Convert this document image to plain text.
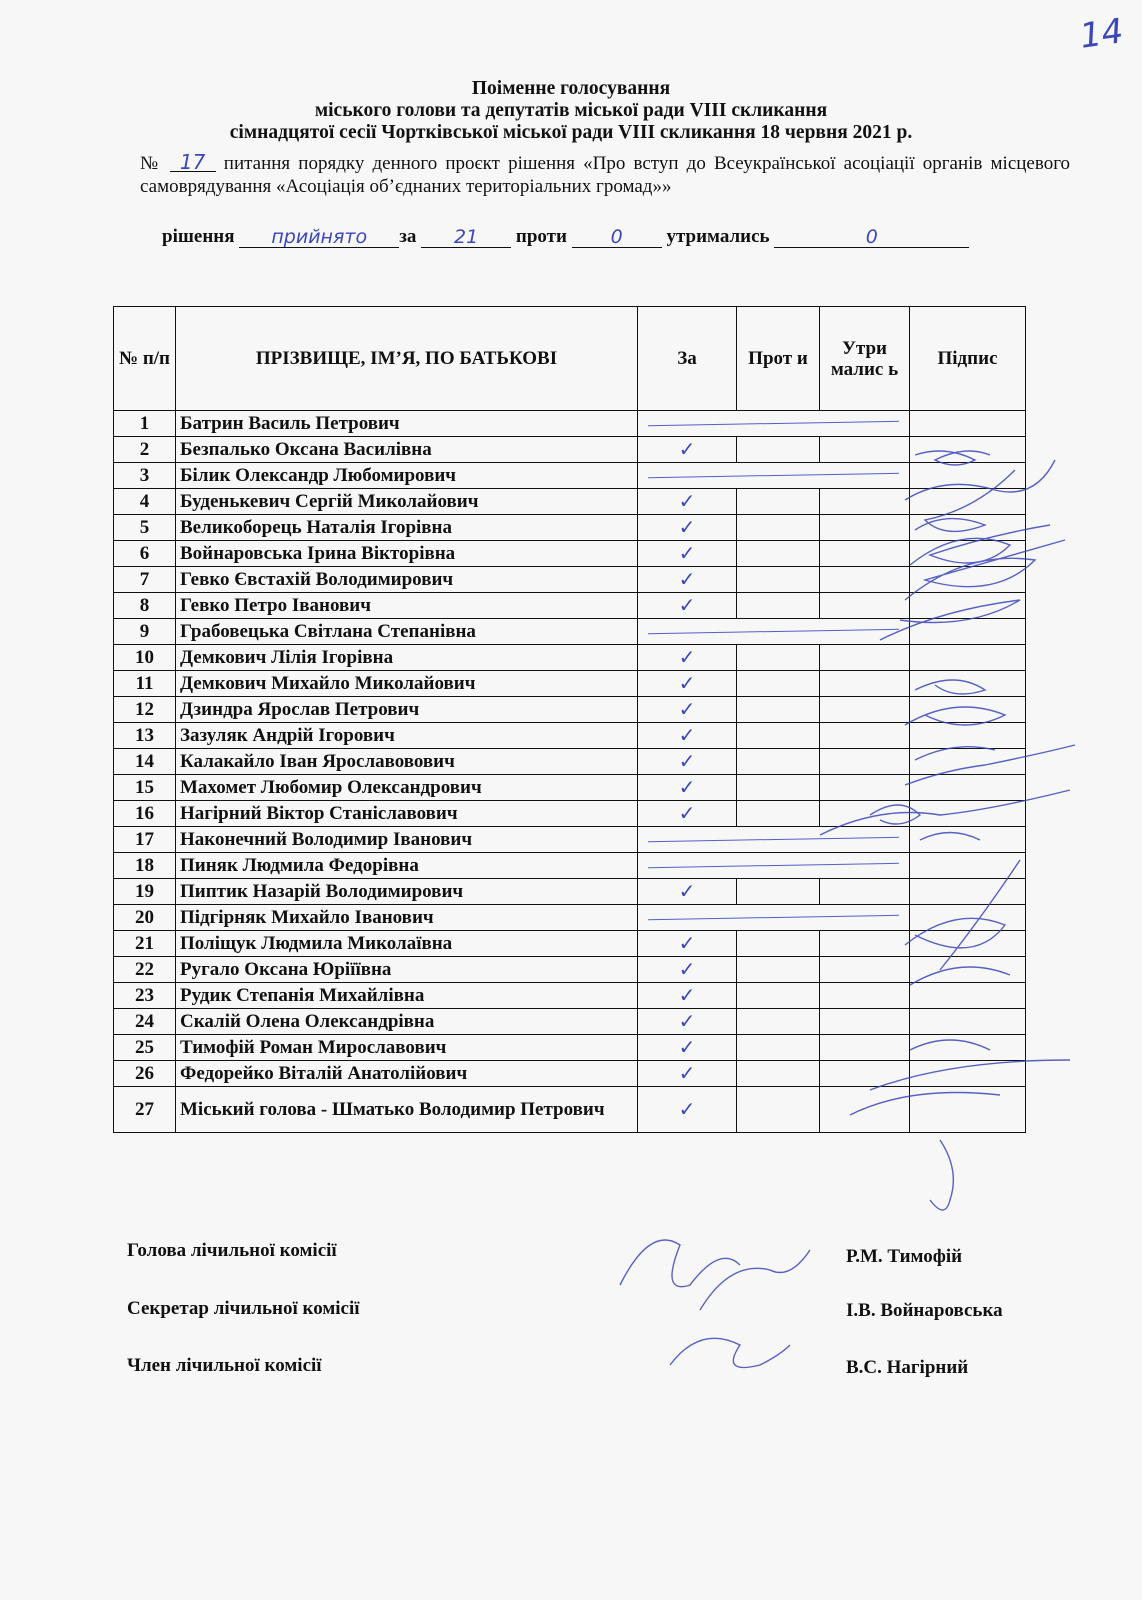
14
Поіменне голосування
міського голови та депутатів міської ради VIII скликання
сімнадцятої сесії Чортківської міської ради VIII скликання 18 червня 2021 р.
№ 17 питання порядку денного проєкт рішення «Про вступ до Всеукраїнської асоціації органів місцевого самоврядування «Асоціація об’єднаних територіальних громад»»
рішення прийнято за 21 проти 0 утримались	0
№ п/п	ПРІЗВИЩЕ, ІМ’Я, ПО БАТЬКОВІ	За	Прот и	Утри малис ь	Підпис
1	Батрин Василь Петрович			

2	Безпалько Оксана Василівна	✓			
3	Білик Олександр Любомирович			

4	Буденькевич Сергій Миколайович	✓			
5	Великоборець Наталія Ігорівна	✓			
6	Войнаровська Ірина Вікторівна	✓			
7	Гевко Євстахій Володимирович	✓			
8	Гевко Петро Іванович	✓			
9	Грабовецька Світлана Степанівна			

10	Демкович Лілія Ігорівна	✓			
11	Демкович Михайло Миколайович	✓			
12	Дзиндра Ярослав Петрович	✓			
13	Зазуляк Андрій Ігорович	✓			
14	Калакайло Іван Ярославовович	✓			
15	Махомет Любомир Олександрович	✓			
16	Нагірний Віктор Станіславович	✓			
17	Наконечний Володимир Іванович			

18	Пиняк Людмила Федорівна			

19	Пиптик Назарій Володимирович	✓			
20	Підгірняк Михайло Іванович			

21	Поліщук Людмила Миколаївна	✓			
22	Ругало Оксана Юріїївна	✓			
23	Рудик Степанія Михайлівна	✓			
24	Скалій Олена Олександрівна	✓			
25	Тимофій Роман Мирославович	✓			
26	Федорейко Віталій Анатолійович	✓			
27	Міський голова - Шматько Володимир Петрович	✓			
Голова лічильної комісії	Р.М. Тимофій
Секретар лічильної комісії	І.В. Войнаровська
Член лічильної комісії	В.С. Нагірний
